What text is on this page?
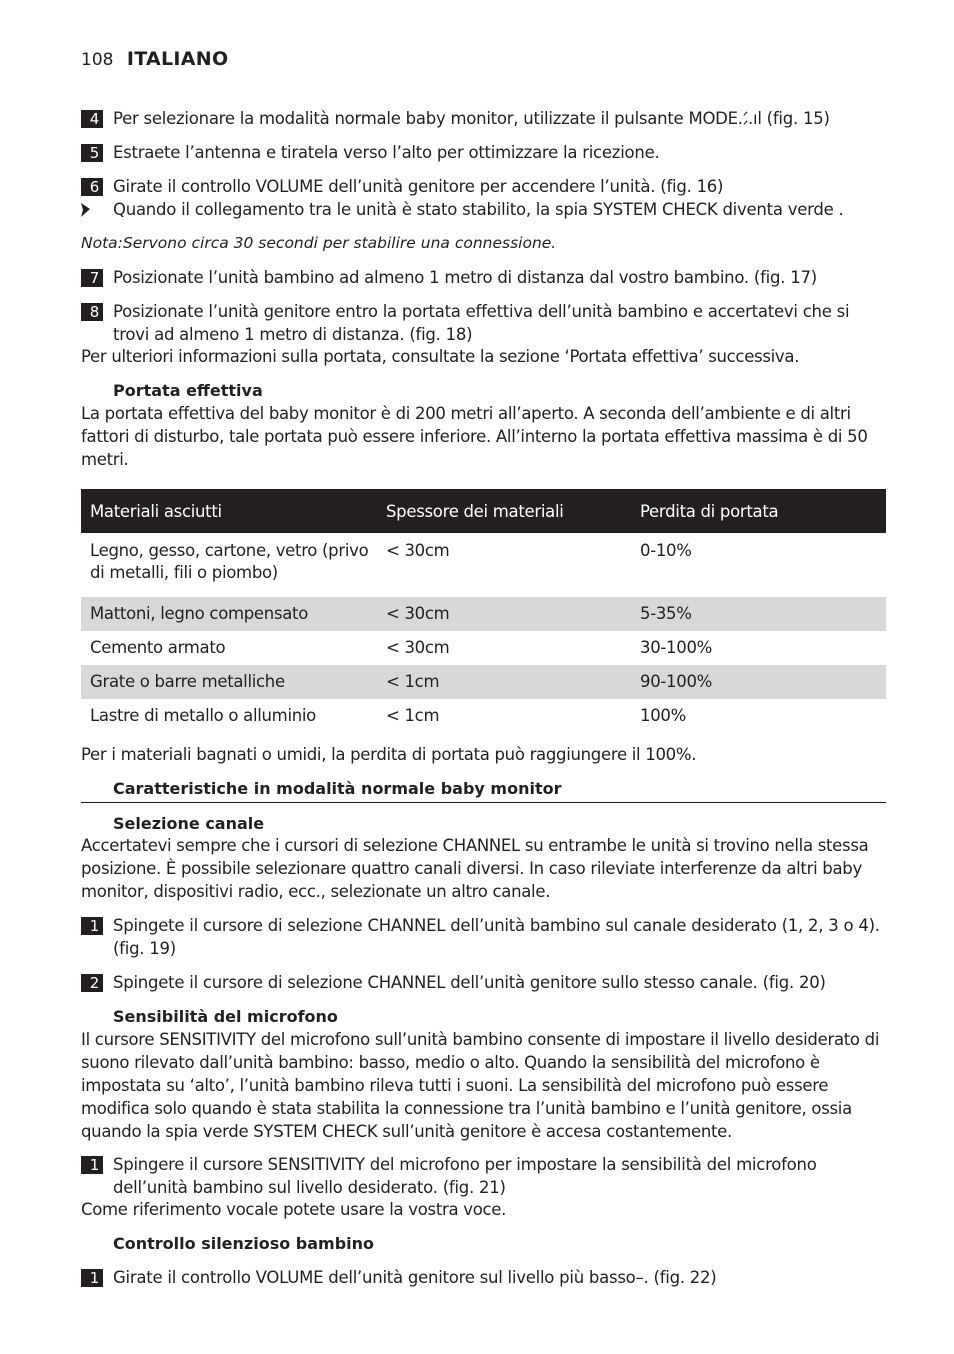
108 ITALIANO
4 Per selezionare la modalità normale baby monitor, utilizzate il pulsante MODE.⹄.ıl (fig. 15)
5 Estraete l’antenna e tiratela verso l’alto per ottimizzare la ricezione.
6 Girate il controllo VOLUME dell’unità genitore per accendere l’unità. (fig. 16)
Quando il collegamento tra le unità è stato stabilito, la spia SYSTEM CHECK diventa verde .
Nota:Servono circa 30 secondi per stabilire una connessione.
7 Posizionate l’unità bambino ad almeno 1 metro di distanza dal vostro bambino. (fig. 17)
8 Posizionate l’unità genitore entro la portata effettiva dell’unità bambino e accertatevi che si trovi ad almeno 1 metro di distanza. (fig. 18)
Per ulteriori informazioni sulla portata, consultate la sezione ‘Portata effettiva’ successiva.
Portata effettiva
La portata effettiva del baby monitor è di 200 metri all’aperto. A seconda dell’ambiente e di altri fattori di disturbo, tale portata può essere inferiore. All’interno la portata effettiva massima è di 50 metri.
Materiali asciutti	Spessore dei materiali	Perdita di portata
Legno, gesso, cartone, vetro (privo di metalli, fili o piombo)	< 30cm	0-10%
Mattoni, legno compensato	< 30cm	5-35%
Cemento armato	< 30cm	30-100%
Grate o barre metalliche	< 1cm	90-100%
Lastre di metallo o alluminio	< 1cm	100%
Per i materiali bagnati o umidi, la perdita di portata può raggiungere il 100%.
Caratteristiche in modalità normale baby monitor
Selezione canale
Accertatevi sempre che i cursori di selezione CHANNEL su entrambe le unità si trovino nella stessa posizione. È possibile selezionare quattro canali diversi. In caso rileviate interferenze da altri baby monitor, dispositivi radio, ecc., selezionate un altro canale.
1 Spingete il cursore di selezione CHANNEL dell’unità bambino sul canale desiderato (1, 2, 3 o 4). (fig. 19)
2 Spingete il cursore di selezione CHANNEL dell’unità genitore sullo stesso canale. (fig. 20)
Sensibilità del microfono
Il cursore SENSITIVITY del microfono sull’unità bambino consente di impostare il livello desiderato di suono rilevato dall’unità bambino: basso, medio o alto. Quando la sensibilità del microfono è impostata su ‘alto’, l’unità bambino rileva tutti i suoni. La sensibilità del microfono può essere modifica solo quando è stata stabilita la connessione tra l’unità bambino e l’unità genitore, ossia quando la spia verde SYSTEM CHECK sull’unità genitore è accesa costantemente.
1 Spingere il cursore SENSITIVITY del microfono per impostare la sensibilità del microfono dell’unità bambino sul livello desiderato. (fig. 21)
Come riferimento vocale potete usare la vostra voce.
Controllo silenzioso bambino
1 Girate il controllo VOLUME dell’unità genitore sul livello più basso–. (fig. 22)
